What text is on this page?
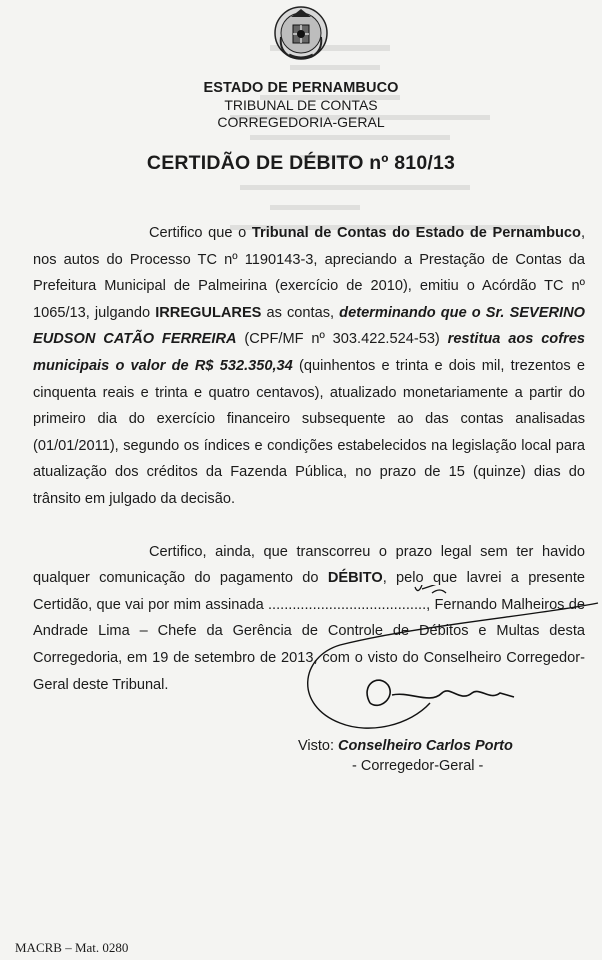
ESTADO DE PERNAMBUCO
TRIBUNAL DE CONTAS
CORREGEDORIA-GERAL
CERTIDÃO DE DÉBITO nº 810/13

Certifico que o Tribunal de Contas do Estado de Pernambuco, nos autos do Processo TC nº 1190143-3, apreciando a Prestação de Contas da Prefeitura Municipal de Palmeirina (exercício de 2010), emitiu o Acórdão TC nº 1065/13, julgando IRREGULARES as contas, determinando que o Sr. SEVERINO EUDSON CATÃO FERREIRA (CPF/MF nº 303.422.524-53) restitua aos cofres municipais o valor de R$ 532.350,34 (quinhentos e trinta e dois mil, trezentos e cinquenta reais e trinta e quatro centavos), atualizado monetariamente a partir do primeiro dia do exercício financeiro subsequente ao das contas analisadas (01/01/2011), segundo os índices e condições estabelecidos na legislação local para atualização dos créditos da Fazenda Pública, no prazo de 15 (quinze) dias do trânsito em julgado da decisão.

Certifico, ainda, que transcorreu o prazo legal sem ter havido qualquer comunicação do pagamento do DÉBITO, pelo que lavrei a presente Certidão, que vai por mim assinada ......................................., Fernando Malheiros de Andrade Lima – Chefe da Gerência de Controle de Débitos e Multas desta Corregedoria, em 19 de setembro de 2013, com o visto do Conselheiro Corregedor-Geral deste Tribunal.

Visto: Conselheiro Carlos Porto
- Corregedor-Geral -
MACRB – Mat. 0280
